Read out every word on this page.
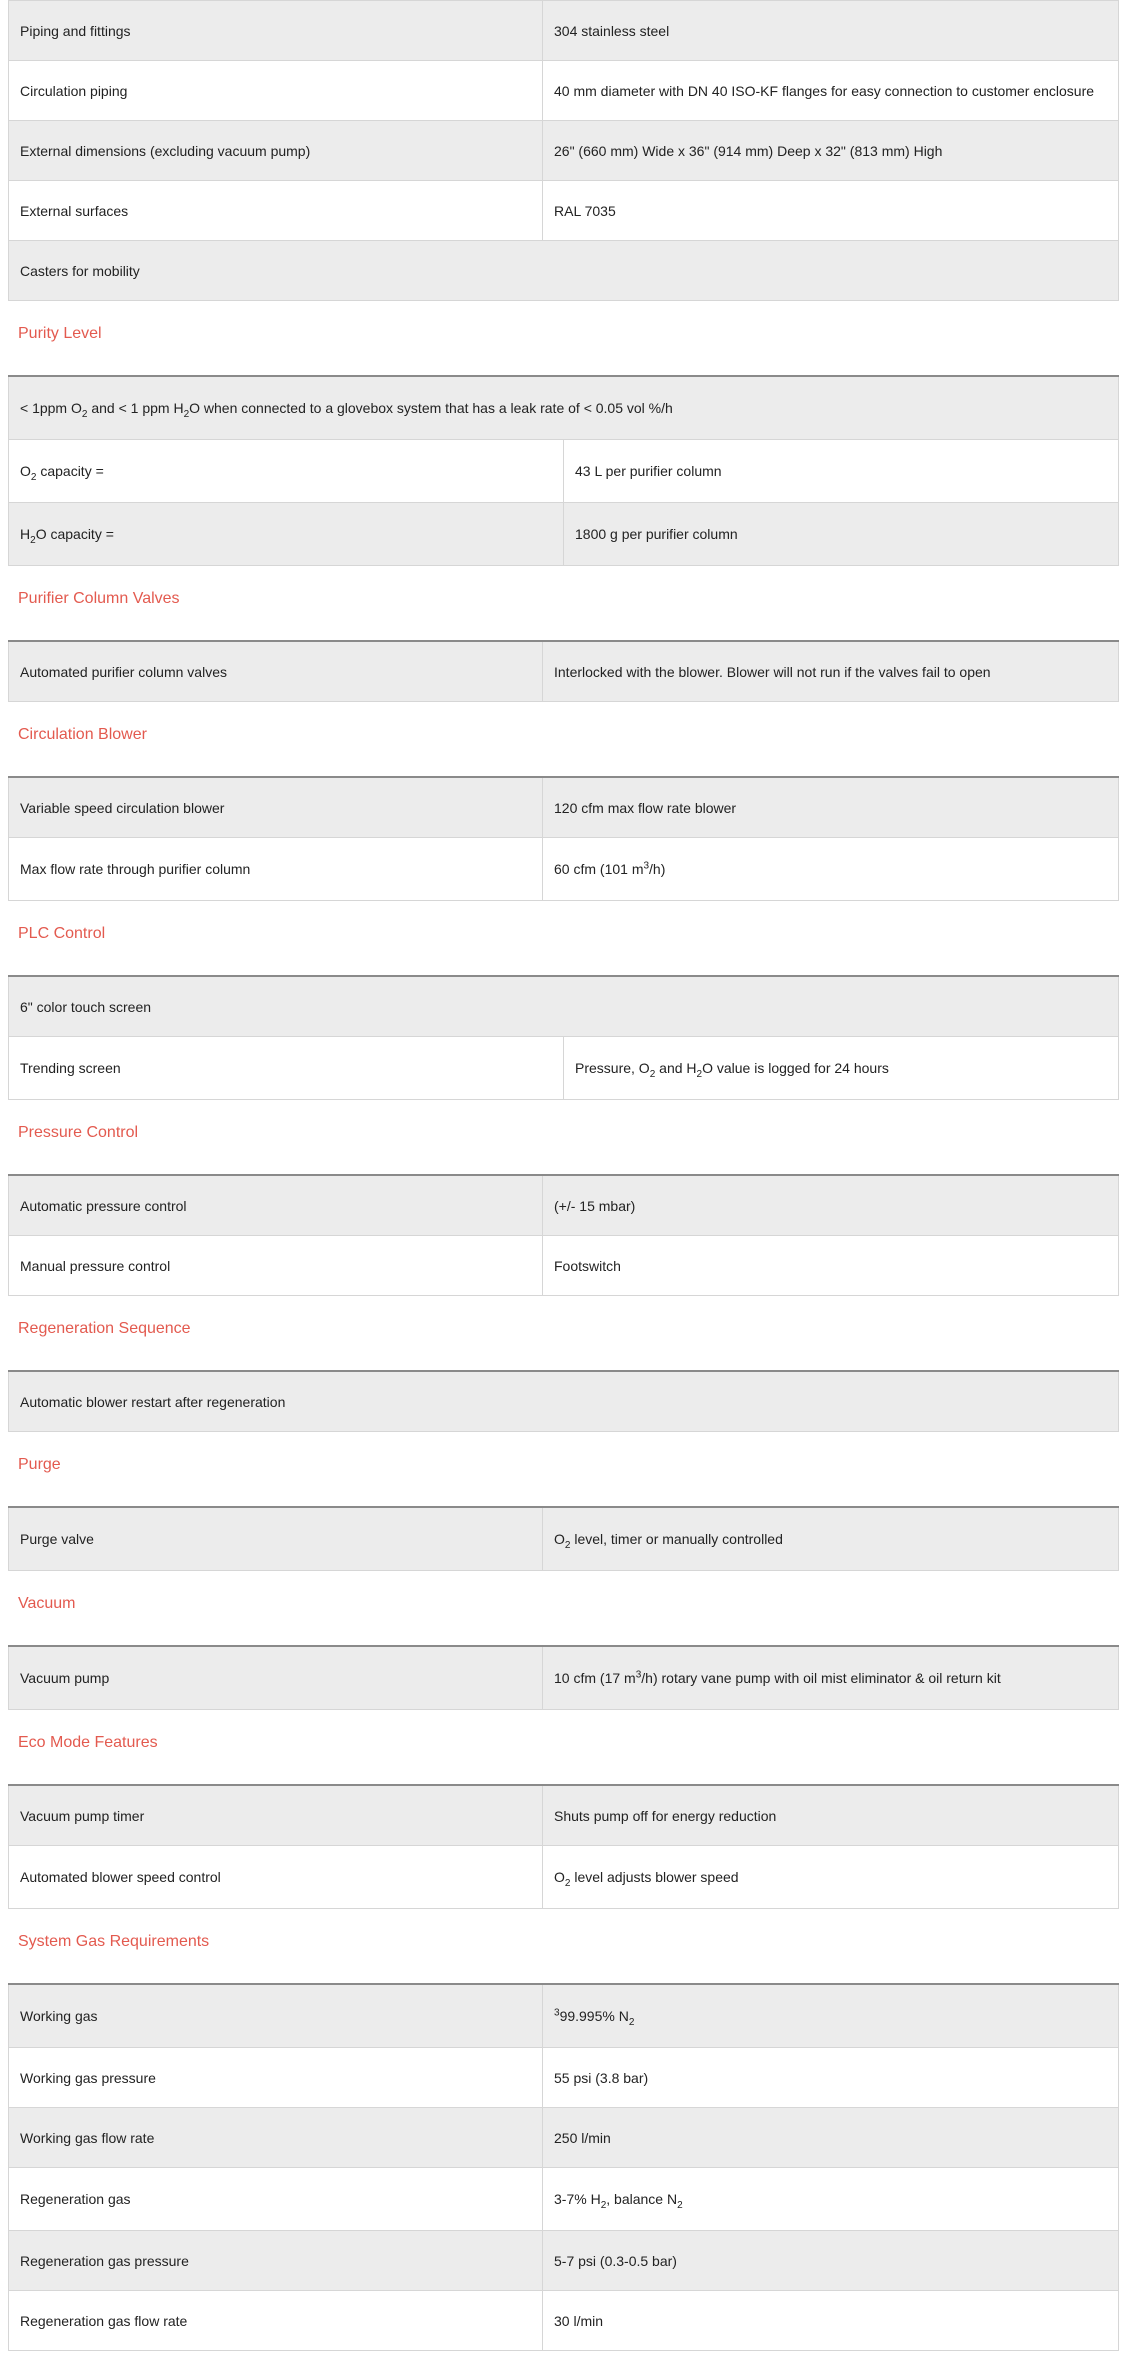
Piping and fittings	304 stainless steel
Circulation piping	40 mm diameter with DN 40 ISO-KF flanges for easy connection to customer enclosure
External dimensions (excluding vacuum pump)	26" (660 mm) Wide x 36" (914 mm) Deep x 32" (813 mm) High
External surfaces	RAL 7035
Casters for mobility	
Purity Level
< 1ppm $O_2$ and < 1 ppm $H_2O$ when connected to a glovebox system that has a leak rate of < 0.05 vol %/h	
$O_2$ capacity =	43 L per purifier column
$H_2O$ capacity =	1800 g per purifier column
Purifier Column Valves
Automated purifier column valves	Interlocked with the blower. Blower will not run if the valves fail to open
Circulation Blower
Variable speed circulation blower	120 cfm max flow rate blower
Max flow rate through purifier column	60 cfm (101 $m^3/h$)
PLC Control
6" color touch screen
Trending screen	Pressure, $O_2$ and $H_2O$ value is logged for 24 hours
Pressure Control
Automatic pressure control	(+/- 15 mbar)
Manual pressure control	Footswitch
Regeneration Sequence
Automatic blower restart after regeneration
Purge
Purge valve	$O_2$ level, timer or manually controlled
Vacuum
Vacuum pump	10 cfm (17 $m^3/h$) rotary vane pump with oil mist eliminator & oil return kit
Eco Mode Features
Vacuum pump timer	Shuts pump off for energy reduction
Automated blower speed control	$O_2$ level adjusts blower speed
System Gas Requirements
Working gas	$^3$99.995% $N_2$
Working gas pressure	55 psi (3.8 bar)
Working gas flow rate	250 l/min
Regeneration gas	3-7% $H_2$, balance $N_2$
Regeneration gas pressure	5-7 psi (0.3-0.5 bar)
Regeneration gas flow rate	30 l/min
